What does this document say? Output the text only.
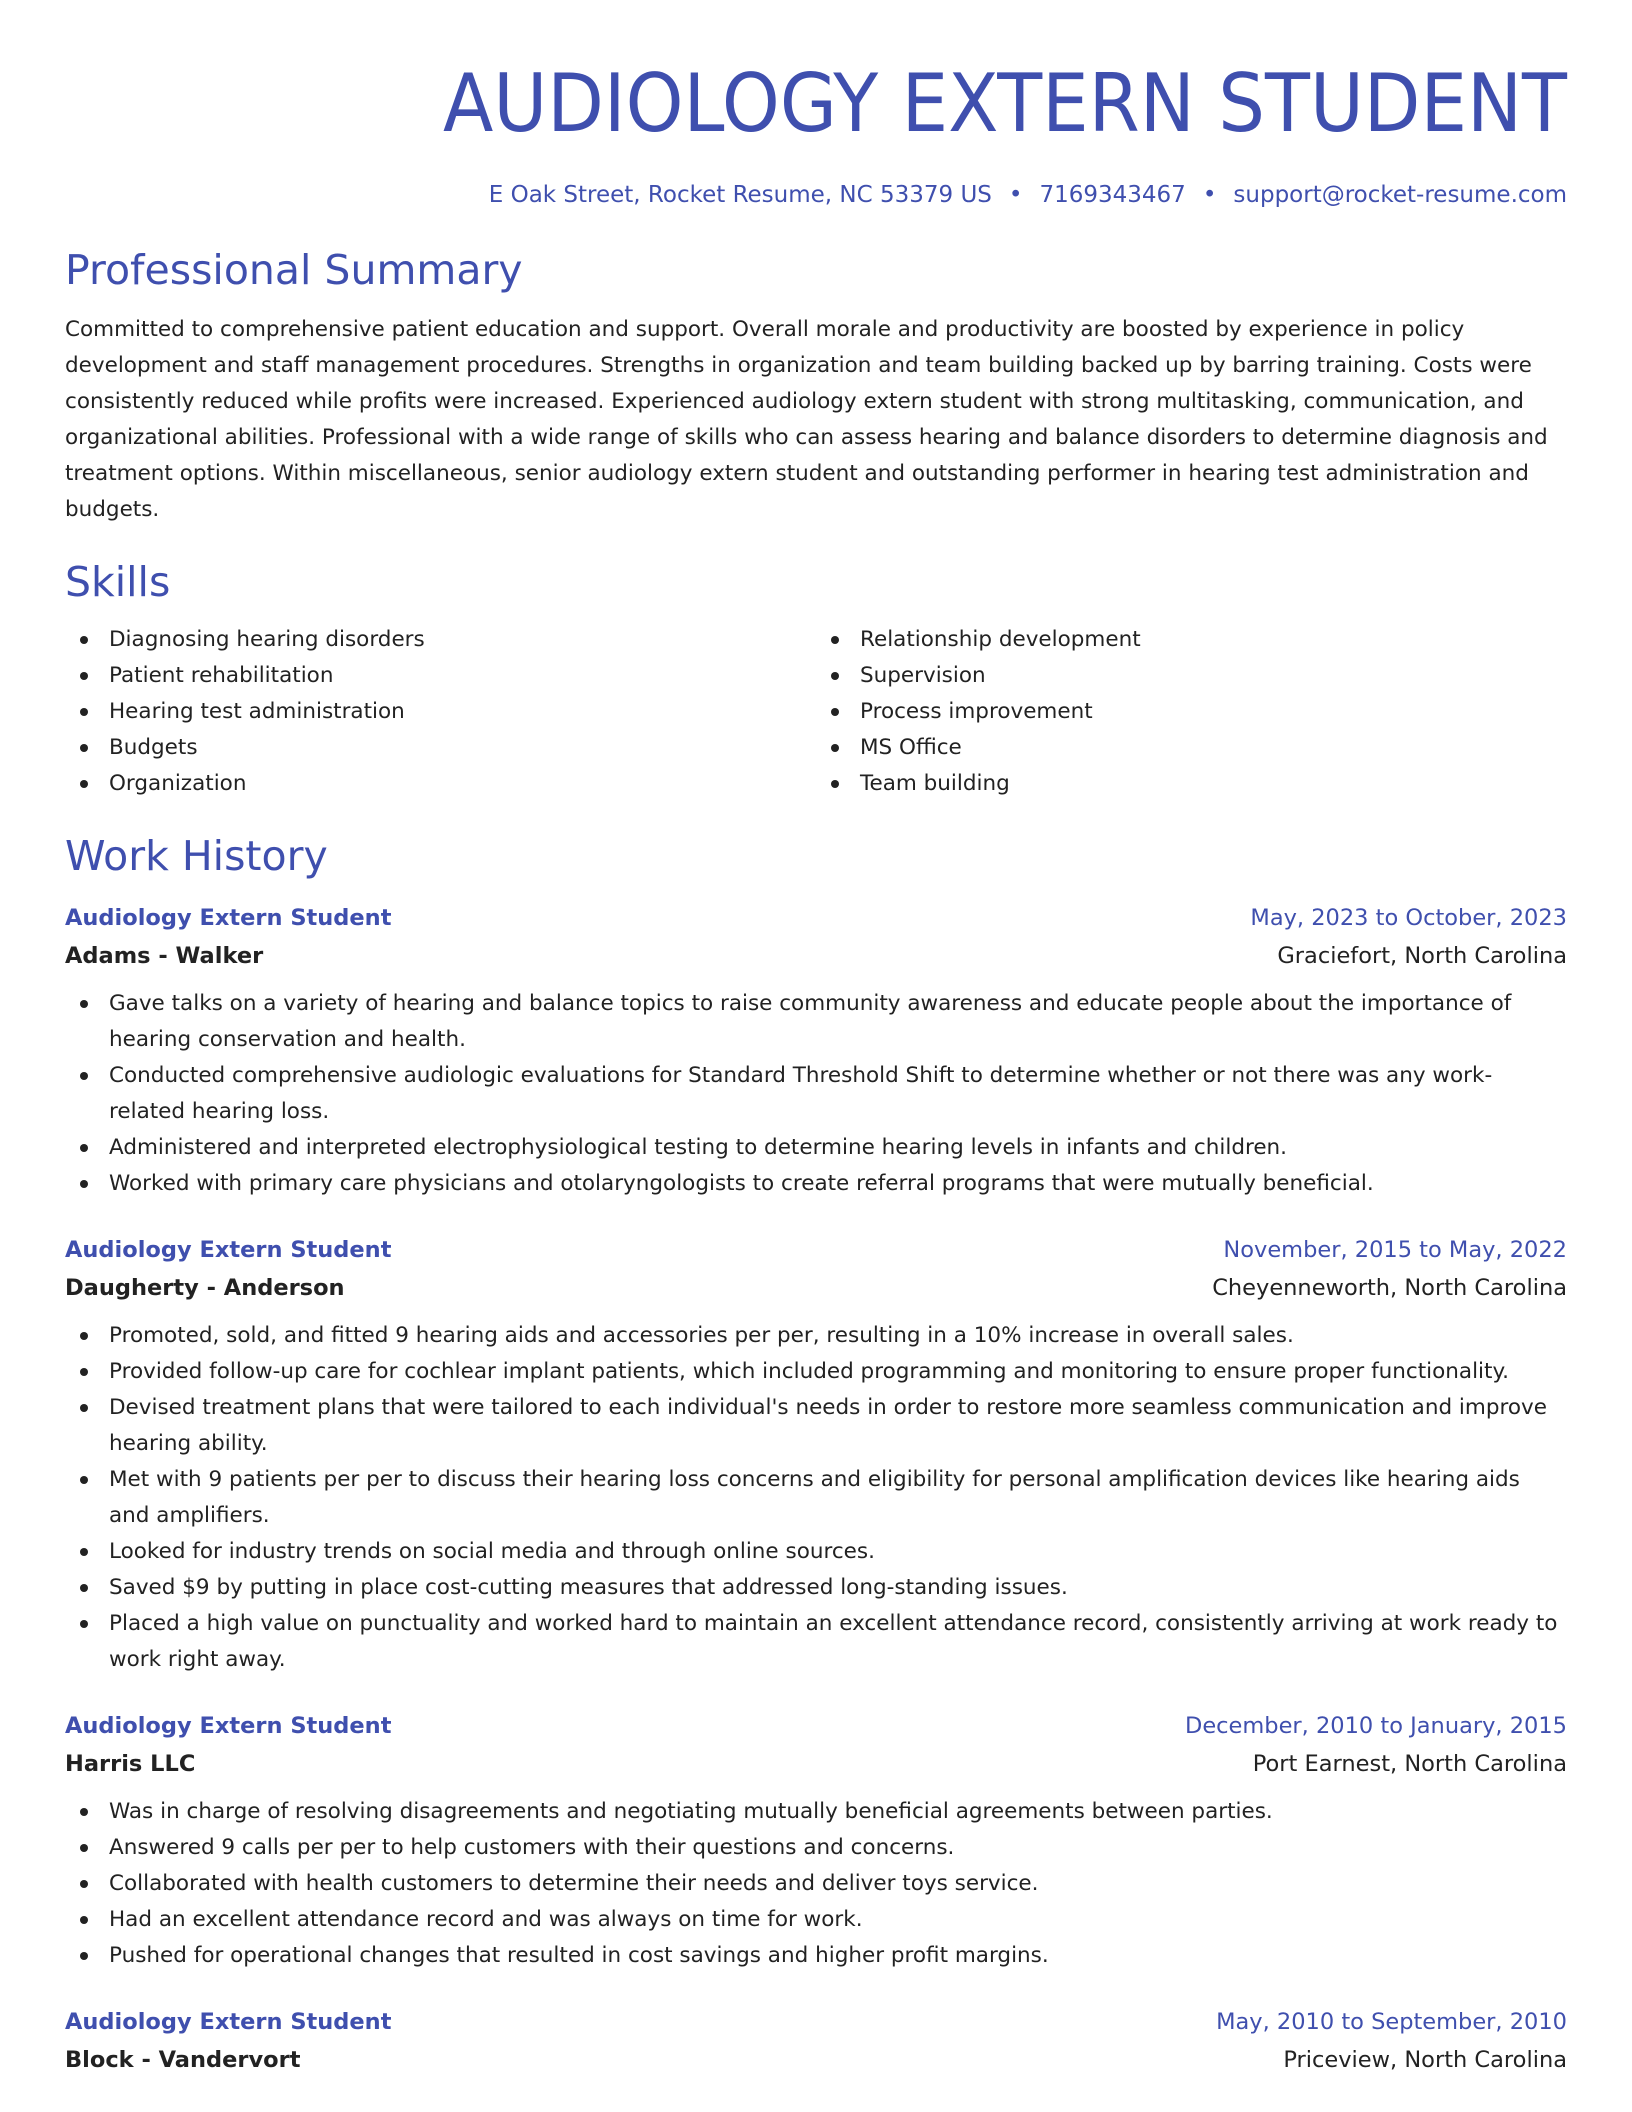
AUDIOLOGY EXTERN STUDENT
E Oak Street, Rocket Resume, NC 53379 US • 7169343467 • support@rocket-resume.com
Professional Summary

Committed to comprehensive patient education and support. Overall morale and productivity are boosted by experience in policy development and staff management procedures. Strengths in organization and team building backed up by barring training. Costs were consistently reduced while profits were increased. Experienced audiology extern student with strong multitasking, communication, and organizational abilities. Professional with a wide range of skills who can assess hearing and balance disorders to determine diagnosis and treatment options. Within miscellaneous, senior audiology extern student and outstanding performer in hearing test administration and budgets.

Skills
Diagnosing hearing disorders
Patient rehabilitation
Hearing test administration
Budgets
Organization
Relationship development
Supervision
Process improvement
MS Office
Team building
Work History
Audiology Extern Student	May, 2023 to October, 2023
Adams - Walker	Graciefort, North Carolina
Gave talks on a variety of hearing and balance topics to raise community awareness and educate people about the importance of hearing conservation and health.
Conducted comprehensive audiologic evaluations for Standard Threshold Shift to determine whether or not there was any work-related hearing loss.
Administered and interpreted electrophysiological testing to determine hearing levels in infants and children.
Worked with primary care physicians and otolaryngologists to create referral programs that were mutually beneficial.
Audiology Extern Student	November, 2015 to May, 2022
Daugherty - Anderson	Cheyenneworth, North Carolina
Promoted, sold, and fitted 9 hearing aids and accessories per per, resulting in a 10% increase in overall sales.
Provided follow-up care for cochlear implant patients, which included programming and monitoring to ensure proper functionality.
Devised treatment plans that were tailored to each individual's needs in order to restore more seamless communication and improve hearing ability.
Met with 9 patients per per to discuss their hearing loss concerns and eligibility for personal amplification devices like hearing aids and amplifiers.
Looked for industry trends on social media and through online sources.
Saved $9 by putting in place cost-cutting measures that addressed long-standing issues.
Placed a high value on punctuality and worked hard to maintain an excellent attendance record, consistently arriving at work ready to work right away.
Audiology Extern Student	December, 2010 to January, 2015
Harris LLC	Port Earnest, North Carolina
Was in charge of resolving disagreements and negotiating mutually beneficial agreements between parties.
Answered 9 calls per per to help customers with their questions and concerns.
Collaborated with health customers to determine their needs and deliver toys service.
Had an excellent attendance record and was always on time for work.
Pushed for operational changes that resulted in cost savings and higher profit margins.
Audiology Extern Student	May, 2010 to September, 2010
Block - Vandervort	Priceview, North Carolina
